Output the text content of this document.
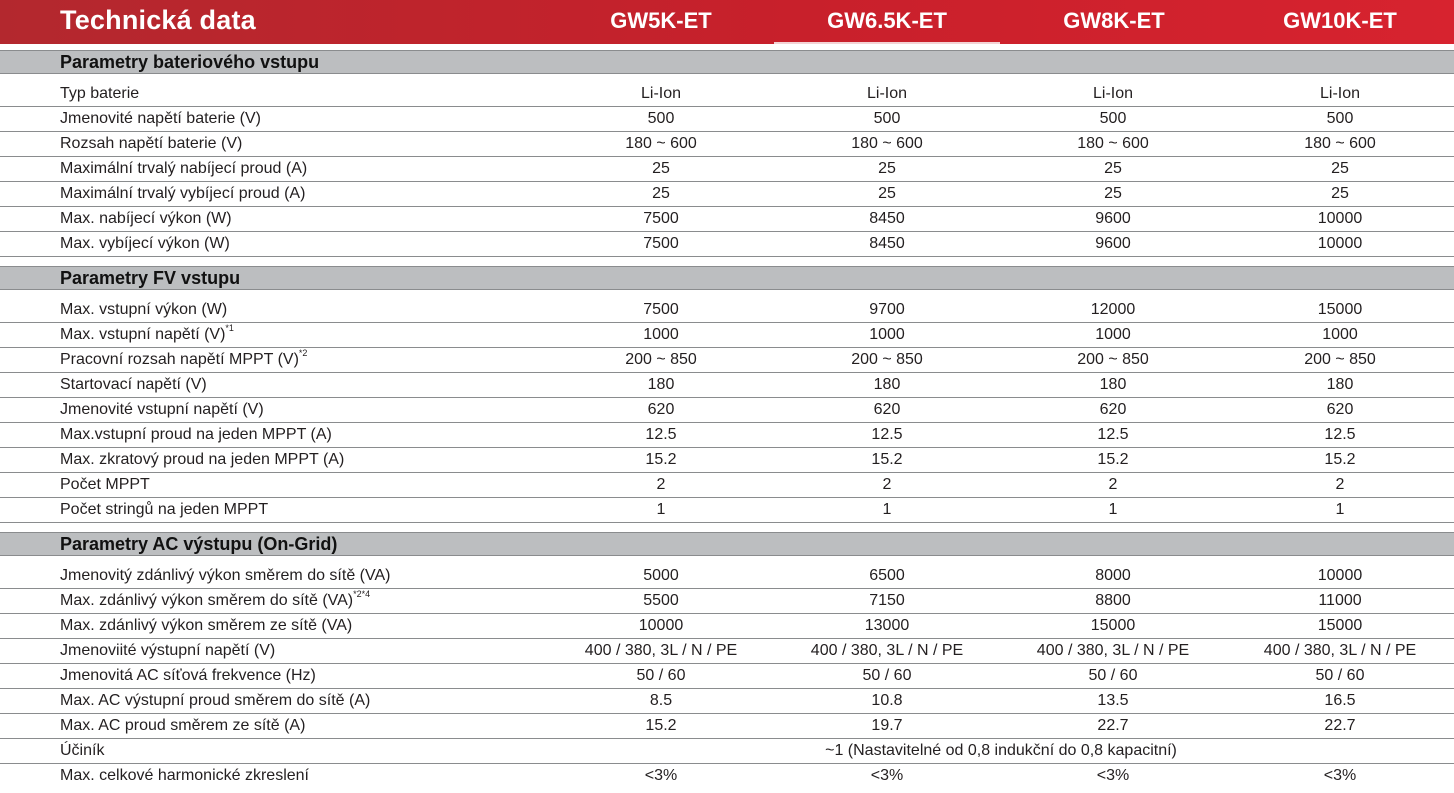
Technická data	GW5K-ET	GW6.5K-ET	GW8K-ET	GW10K-ET
Parametry bateriového vstupu
Typ baterie	Li-Ion	Li-Ion	Li-Ion	Li-Ion
Jmenovité napětí baterie (V)	500	500	500	500
Rozsah napětí baterie (V)	180 ~ 600	180 ~ 600	180 ~ 600	180 ~ 600
Maximální trvalý nabíjecí proud (A)	25	25	25	25
Maximální trvalý vybíjecí proud (A)	25	25	25	25
Max. nabíjecí výkon (W)	7500	8450	9600	10000
Max. vybíjecí výkon (W)	7500	8450	9600	10000
Parametry FV vstupu
Max. vstupní výkon (W)	7500	9700	12000	15000
Max. vstupní napětí $(V)^{*1}$	1000	1000	1000	1000
Pracovní rozsah napětí MPPT $(V)^{*2}$	200 ~ 850	200 ~ 850	200 ~ 850	200 ~ 850
Startovací napětí (V)	180	180	180	180
Jmenovité vstupní napětí (V)	620	620	620	620
Max.vstupní proud na jeden MPPT (A)	12.5	12.5	12.5	12.5
Max. zkratový proud na jeden MPPT (A)	15.2	15.2	15.2	15.2
Počet MPPT	2	2	2	2
Počet stringů na jeden MPPT	1	1	1	1
Parametry AC výstupu (On-Grid)
Jmenovitý zdánlivý výkon směrem do sítě (VA)	5000	6500	8000	10000
Max. zdánlivý výkon směrem do sítě (VA)$^{*2*4}$	5500	7150	8800	11000
Max. zdánlivý výkon směrem ze sítě (VA)	10000	13000	15000	15000
Jmenoviité výstupní napětí (V)	400 / 380, 3L / N / PE	400 / 380, 3L / N / PE	400 / 380, 3L / N / PE	400 / 380, 3L / N / PE
Jmenovitá AC síťová frekvence (Hz)	50 / 60	50 / 60	50 / 60	50 / 60
Max. AC výstupní proud směrem do sítě (A)	8.5	10.8	13.5	16.5
Max. AC proud směrem ze sítě (A)	15.2	19.7	22.7	22.7
Účiník	~1 (Nastavitelné od 0,8 indukční do 0,8 kapacitní)
Max. celkové harmonické zkreslení	<3%	<3%	<3%	<3%
